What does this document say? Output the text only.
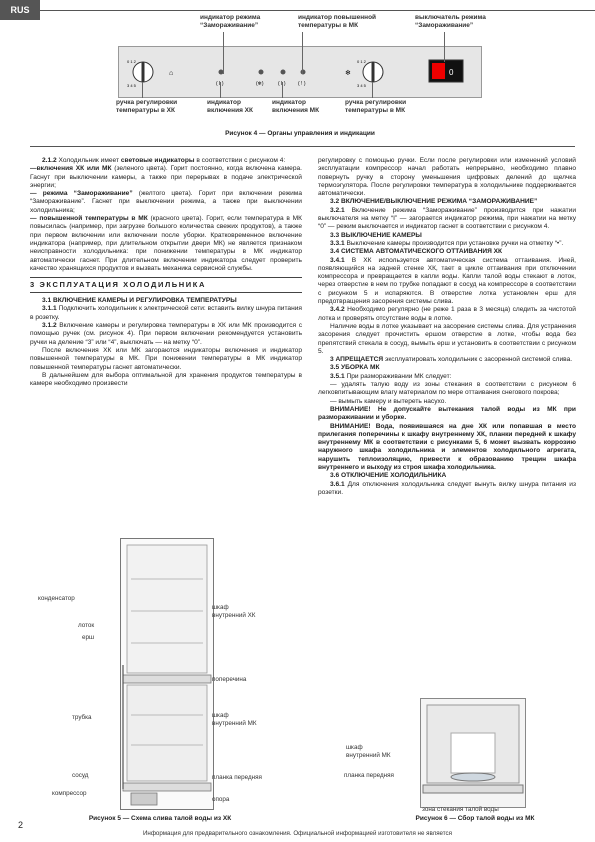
RUS
индикатор режима
“Замораживание”
индикатор повышенной
температуры в МК
выключатель режима
“Замораживание”
0 1 2
3 4 5
⌂
( I )	(❄)	( I )	( ! )
❄
0 1 2
3 4 5
0
ручка регулировки
температуры в ХК
индикатор
включения ХК
индикатор
включения МК
ручка регулировки
температуры в МК
Рисунок 4 — Органы управления и индикации

2.1.2 Холодильник имеет световые индикаторы в соответствии с рисунком 4:

—включения ХК или МК (зеленого цвета). Горит постоянно, когда включена камера. Гаснут при выключении камеры, а также при перерывах в подаче электрической энергии;

— режима “Замораживание” (желтого цвета). Горит при включении режима “Замораживание”. Гаснет при выключении режима, а также при выключении холодильника;

— повышенной температуры в МК (красного цвета). Горит, если температура в МК повысилась (например, при загрузке большого количества свежих продуктов), а также при первом включении или включении после уборки. Кратковременное включение индикатора (например, при длительном открытии двери МК) не является признаком неисправности холодильника: при понижении температуры в МК индикатор автоматически гаснет. При длительном включении индикатора следует проверить качество хранящихся продуктов и вызвать механика сервисной службы.

3 ЭКСПЛУАТАЦИЯ ХОЛОДИЛЬНИКА

3.1 ВКЛЮЧЕНИЕ КАМЕРЫ И РЕГУЛИРОВКА ТЕМПЕРАТУРЫ

3.1.1 Подключить холодильник к электрической сети: вставить вилку шнура питания в розетку.

3.1.2 Включение камеры и регулировка температуры в ХК или МК производится с помощью ручек (см. рисунок 4). При первом включении рекомендуется установить ручки на деление “3” или “4”, выключать — на метку “0”.

После включения ХК или МК загораются индикаторы включения и индикатор повышенной температуры в МК. При понижении температуры в МК индикатор повышенной температуры гаснет автоматически.

В дальнейшем для выбора оптимальной для хранения продуктов температуры в камере необходимо произвести

регулировку с помощью ручки. Если после регулировки или изменений условий эксплуатации компрессор начал работать непрерывно, необходимо плавно повернуть ручку в сторону уменьшения цифровых делений до щелчка термоэгулятора. После регулировки температура в холодильнике поддерживается автоматически.

3.2 ВКЛЮЧЕНИЕ/ВЫКЛЮЧЕНИЕ РЕЖИМА “ЗАМОРАЖИВАНИЕ”

3.2.1 Включение режима “Замораживание” производится при нажатии выключателя на метку “I” — загорается индикатор режима, при нажатии на метку “0” — режим выключается и индикатор гаснет в соответствии с рисунком 4.

3.3 ВЫКЛЮЧЕНИЕ КАМЕРЫ

3.3.1 Выключение камеры производится при установке ручки на отметку “•”.

3.4 СИСТЕМА АВТОМАТИЧЕСКОГО ОТТАИВАНИЯ ХК

3.4.1 В ХК используется автоматическая система оттаивания. Иней, появляющийся на задней стенке ХК, тает в цикле оттаивания при отключении компрессора и превращается в капли воды. Капли талой воды стекают в лоток, через отверстие в нем по трубке попадают в сосуд на компрессоре в соответствии с рисунком 5 и испаряются. В отверстие лотка установлен ерш для предотвращения засорения системы слива.

3.4.2 Необходимо регулярно (не реже 1 раза в 3 месяца) следить за чистотой лотка и проверять отсутствие воды в лотке.

Наличие воды в лотке указывает на засорение системы слива. Для устранения засорения следует прочистить ершом отверстие в лотке, чтобы вода без препятствий стекала в сосуд, вымыть ерш и установить в соответствии с рисунком 5.

3 АПРЕЩАЕТСЯ эксплуатировать холодильник с засоренной системой слива.

3.5 УБОРКА МК

3.5.1 При размораживании МК следует:

— удалять талую воду из зоны стекания в соответствии с рисунком 6 легковпитывающим влагу материалом по мере оттаивания снегового покрова;

— вымыть камеру и вытереть насухо.

ВНИМАНИЕ! Не допускайте вытекания талой воды из МК при размораживании и уборке.

ВНИМАНИЕ! Вода, появившаяся на дне ХК или попавшая в место прилегания поперечины к шкафу внутреннему ХК, планки передней к шкафу внутреннему МК в соответствии с рисунками 5, 6 может вызвать коррозию наружного шкафа холодильника и элементов холодильного агрегата, нарушить теплоизоляцию, привести к образованию трещин шкафа внутреннего и выходу из строя шкафа холодильника.

3.6 ОТКЛЮЧЕНИЕ ХОЛОДИЛЬНИКА

3.6.1 Для отключения холодильника следует вынуть вилку шнура питания из розетки.

конденсатор
лоток
ерш
трубка
сосуд
компрессор
шкаф
внутренний ХК
поперечина
шкаф
внутренний МК
планка передняя
опора
Рисунок 5 — Схема слива талой воды из ХК
шкаф
внутренний МК
планка передняя
зона стекания талой воды
Рисунок 6 — Сбор талой воды из МК
2
Информация для предварительного ознакомления. Официальной информацией изготовителя не является
